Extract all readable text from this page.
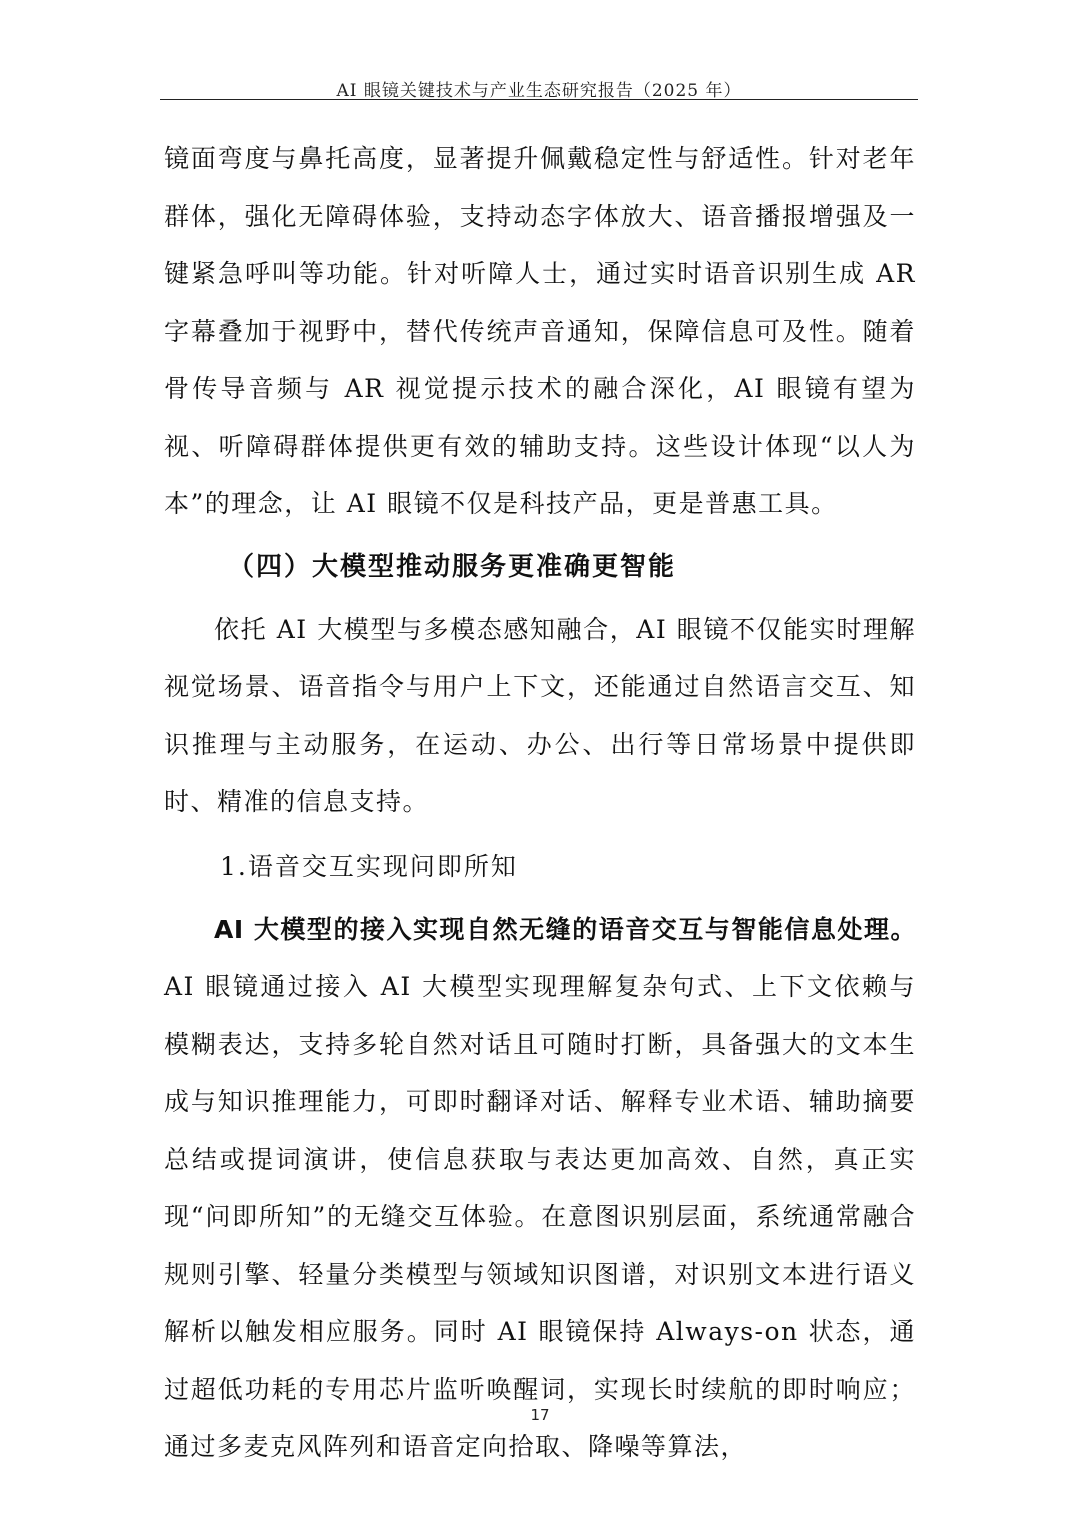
AI 眼镜关键技术与产业生态研究报告（2025 年）

镜面弯度与鼻托高度，显著提升佩戴稳定性与舒适性。针对老年群体，强化无障碍体验，支持动态字体放大、语音播报增强及一键紧急呼叫等功能。针对听障人士，通过实时语音识别生成 AR 字幕叠加于视野中，替代传统声音通知，保障信息可及性。随着骨传导音频与 AR 视觉提示技术的融合深化，AI 眼镜有望为视、听障碍群体提供更有效的辅助支持。这些设计体现“以人为本”的理念，让 AI 眼镜不仅是科技产品，更是普惠工具。

（四）大模型推动服务更准确更智能

依托 AI 大模型与多模态感知融合，AI 眼镜不仅能实时理解视觉场景、语音指令与用户上下文，还能通过自然语言交互、知识推理与主动服务，在运动、办公、出行等日常场景中提供即时、精准的信息支持。

1.语音交互实现问即所知

AI 大模型的接入实现自然无缝的语音交互与智能信息处理。AI 眼镜通过接入 AI 大模型实现理解复杂句式、上下文依赖与模糊表达，支持多轮自然对话且可随时打断，具备强大的文本生成与知识推理能力，可即时翻译对话、解释专业术语、辅助摘要总结或提词演讲，使信息获取与表达更加高效、自然，真正实现“问即所知”的无缝交互体验。在意图识别层面，系统通常融合规则引擎、轻量分类模型与领域知识图谱，对识别文本进行语义解析以触发相应服务。同时 AI 眼镜保持 Always-on 状态，通过超低功耗的专用芯片监听唤醒词，实现长时续航的即时响应；通过多麦克风阵列和语音定向拾取、降噪等算法，

17
